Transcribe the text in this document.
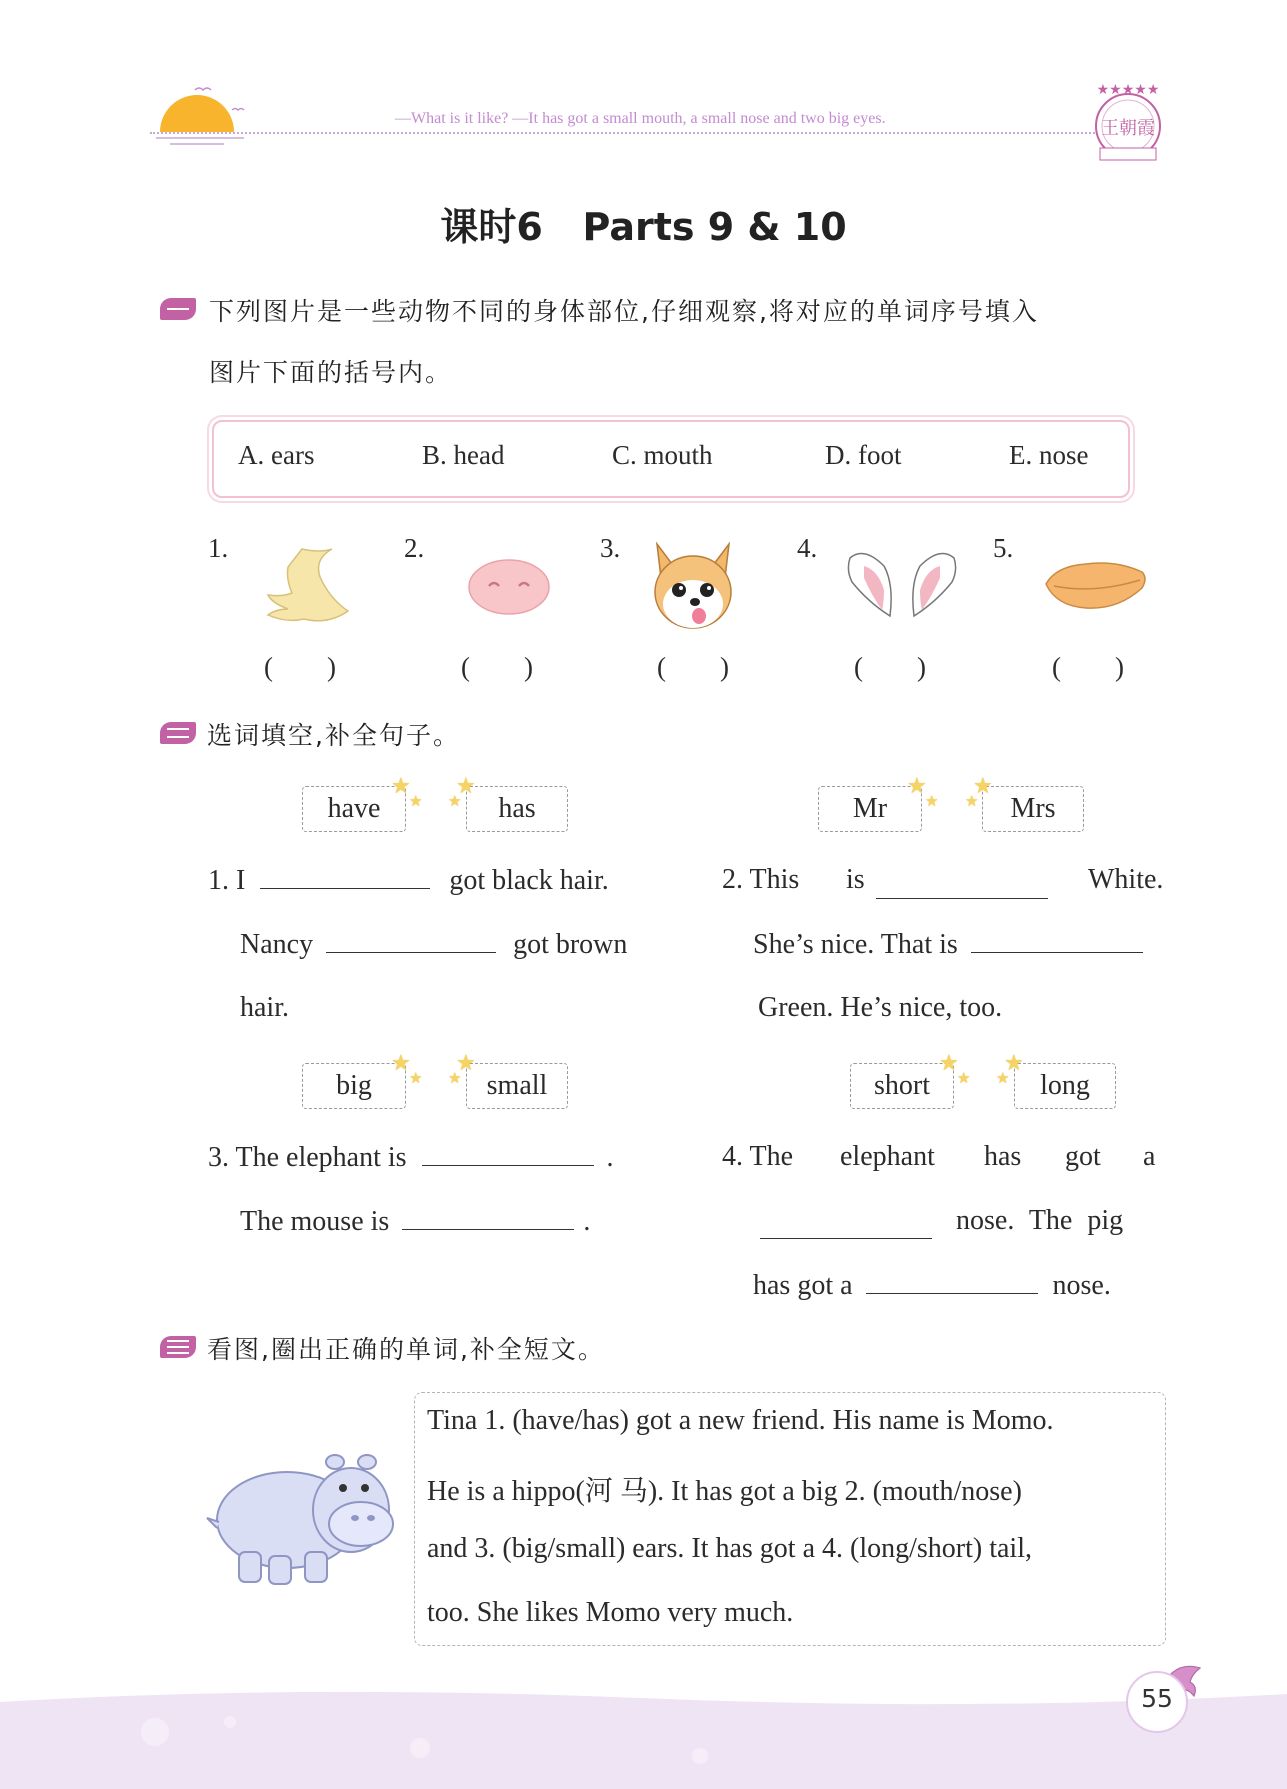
—What is it like? —It has got a small mouth, a small nose and two big eyes.
★★★★★
王朝霞
课时6   Parts 9 & 10
下列图片是一些动物不同的身体部位,仔细观察,将对应的单词序号填入
图片下面的括号内。
A. ears	B. head	C. mouth	D. foot	E. nose
1.	2.	3.	4.	5.
(        )	(        )	(        )	(        )	(        )
选词填空,补全句子。
have
★
★	has
★
★	Mr
★
★	Mrs
★
★
1. I	got black hair.
Nancy	got brown
hair.
2. This is	White.
She’s nice. That is
Green. He’s nice, too.
big
★
★	small
★
★	short
★
★	long
★
★
3. The elephant is	.
The mouse is	.
4. The elephant has got a
nose. The pig
has got a	nose.
看图,圈出正确的单词,补全短文。
Tina 1. (have/has) got a new friend. His name is Momo.
He is a hippo(河 马). It has got a big 2. (mouth/nose)
and 3. (big/small) ears. It has got a 4. (long/short) tail,
too. She likes Momo very much.
55
